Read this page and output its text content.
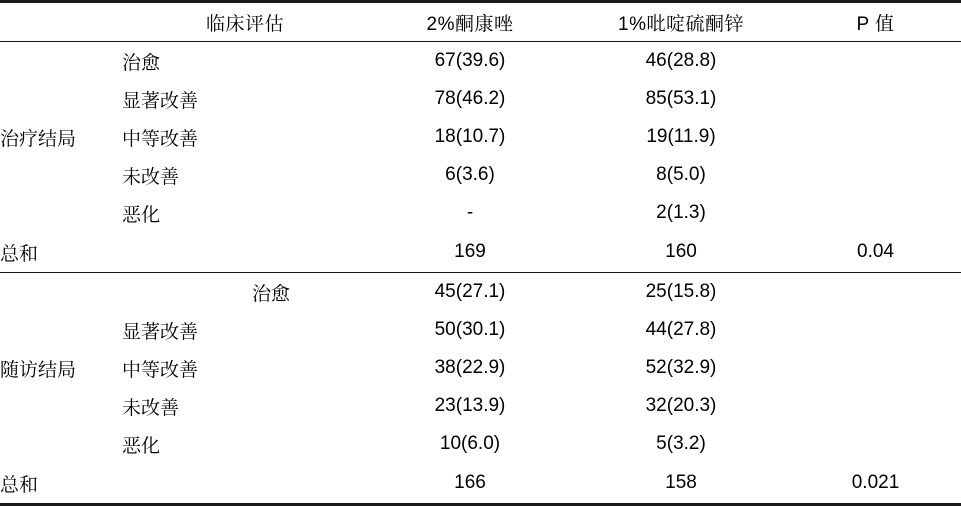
	临床评估	2%酮康唑	1%吡啶硫酮锌	P 值
治疗结局	治愈	67(39.6)	46(28.8)	
	显著改善	78(46.2)	85(53.1)	
	中等改善	18(10.7)	19(11.9)	
	未改善	6(3.6)	8(5.0)	
	恶化	-	2(1.3)	
总和		169	160	0.04
随访结局	治愈	45(27.1)	25(15.8)	
	显著改善	50(30.1)	44(27.8)	
	中等改善	38(22.9)	52(32.9)	
	未改善	23(13.9)	32(20.3)	
	恶化	10(6.0)	5(3.2)	
总和		166	158	0.021
